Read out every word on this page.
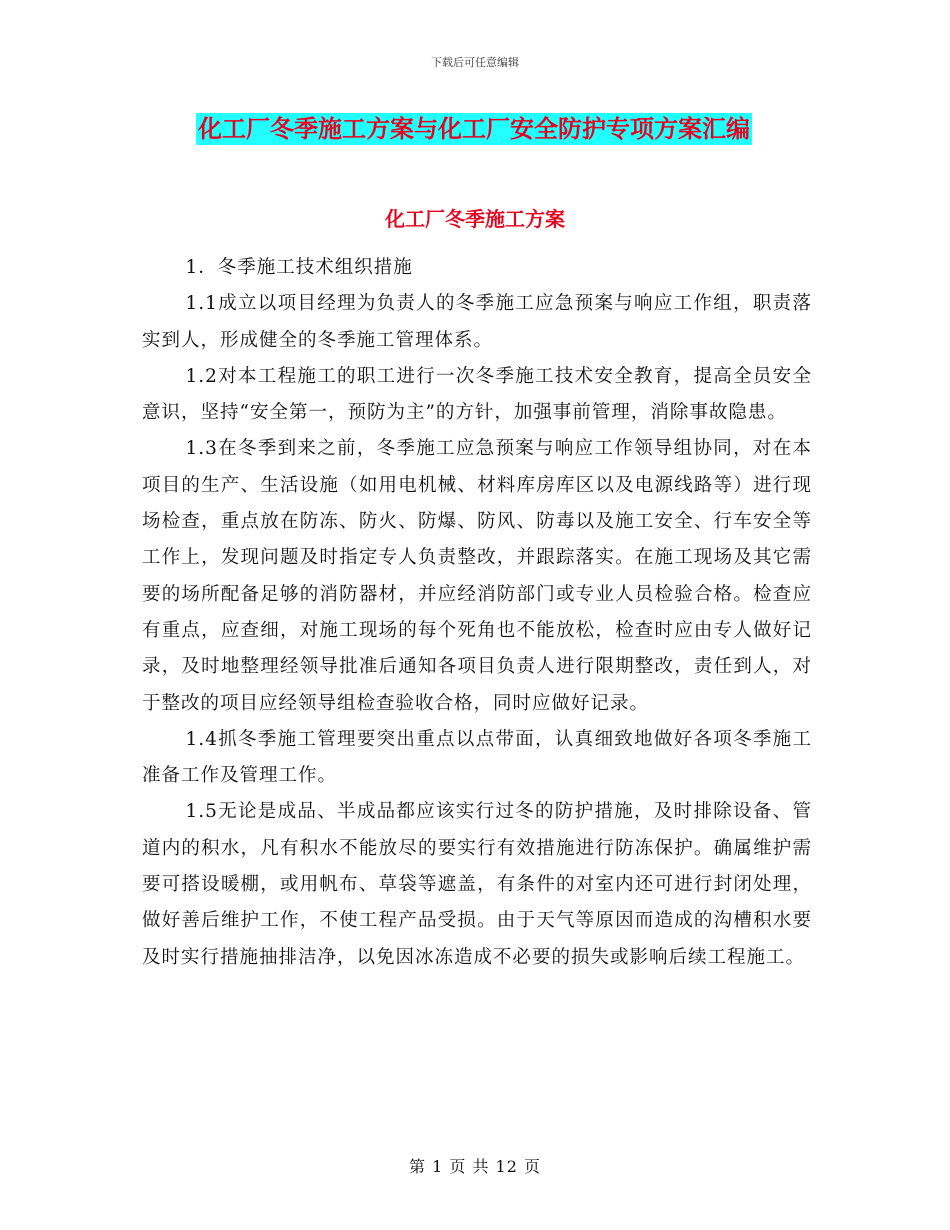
下载后可任意编辑
化工厂冬季施工方案与化工厂安全防护专项方案汇编
化工厂冬季施工方案

1．冬季施工技术组织措施

1.1成立以项目经理为负责人的冬季施工应急预案与响应工作组，职责落实到人，形成健全的冬季施工管理体系。

1.2对本工程施工的职工进行一次冬季施工技术安全教育，提高全员安全意识，坚持“安全第一，预防为主”的方针，加强事前管理，消除事故隐患。

1.3在冬季到来之前，冬季施工应急预案与响应工作领导组协同，对在本项目的生产、生活设施（如用电机械、材料库房库区以及电源线路等）进行现场检查，重点放在防冻、防火、防爆、防风、防毒以及施工安全、行车安全等工作上，发现问题及时指定专人负责整改，并跟踪落实。在施工现场及其它需要的场所配备足够的消防器材，并应经消防部门或专业人员检验合格。检查应有重点，应查细，对施工现场的每个死角也不能放松，检查时应由专人做好记录，及时地整理经领导批准后通知各项目负责人进行限期整改，责任到人，对于整改的项目应经领导组检查验收合格，同时应做好记录。

1.4抓冬季施工管理要突出重点以点带面，认真细致地做好各项冬季施工准备工作及管理工作。

1.5无论是成品、半成品都应该实行过冬的防护措施，及时排除设备、管道内的积水，凡有积水不能放尽的要实行有效措施进行防冻保护。确属维护需要可搭设暖棚，或用帆布、草袋等遮盖，有条件的对室内还可进行封闭处理，做好善后维护工作，不使工程产品受损。由于天气等原因而造成的沟槽积水要及时实行措施抽排洁净，以免因冰冻造成不必要的损失或影响后续工程施工。

第 1 页 共 12 页
